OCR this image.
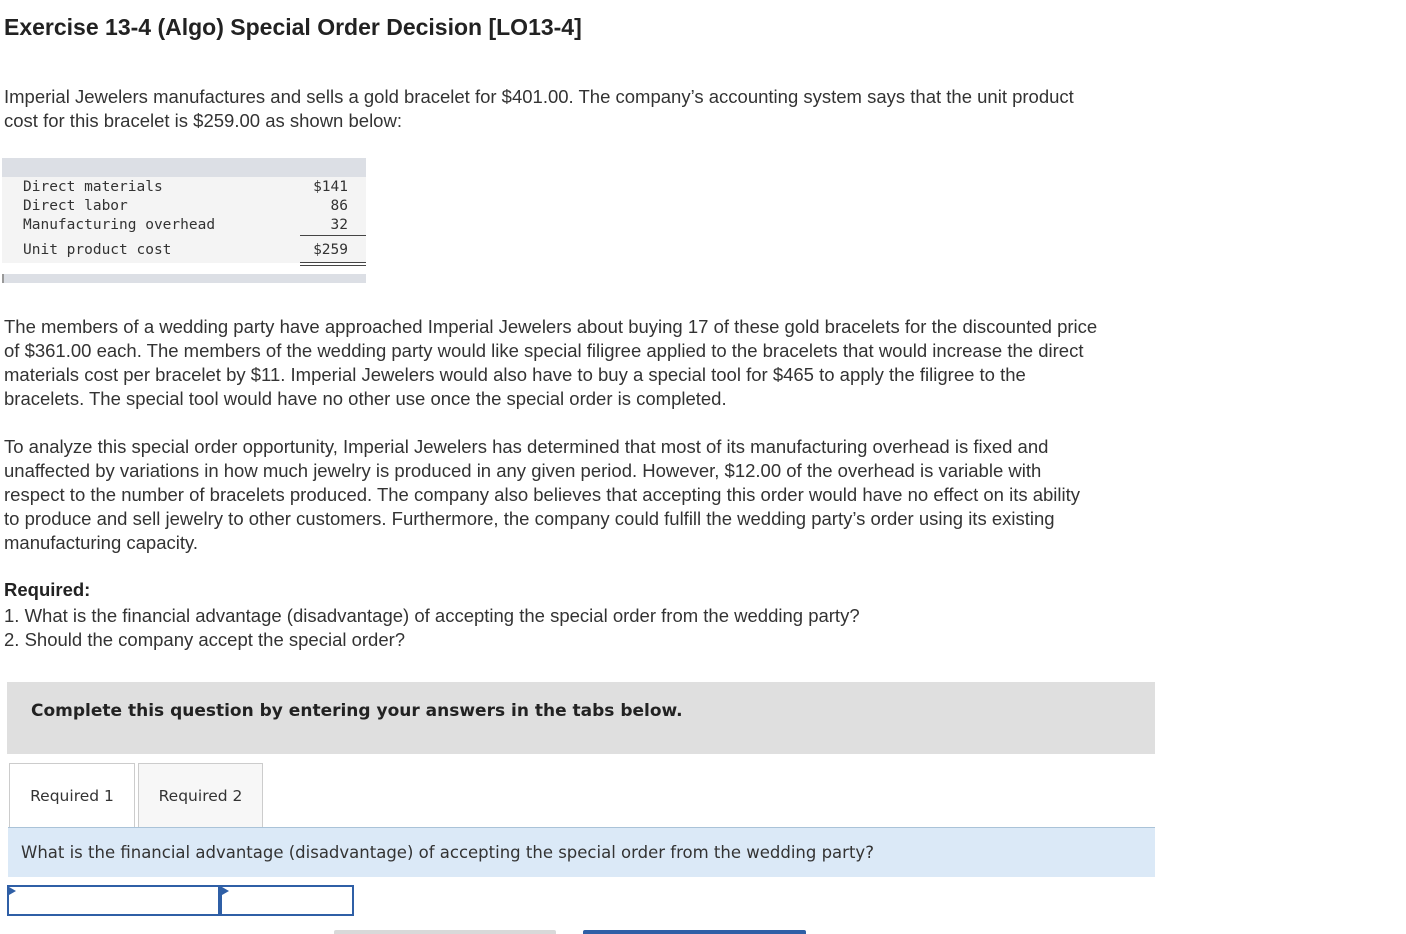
Exercise 13-4 (Algo) Special Order Decision [LO13-4]

Imperial Jewelers manufactures and sells a gold bracelet for $401.00. The company’s accounting system says that the unit product
cost for this bracelet is $259.00 as shown below:

Direct materials	$141
Direct labor	86
Manufacturing overhead	32
Unit product cost	$259

The members of a wedding party have approached Imperial Jewelers about buying 17 of these gold bracelets for the discounted price
of $361.00 each. The members of the wedding party would like special filigree applied to the bracelets that would increase the direct
materials cost per bracelet by $11. Imperial Jewelers would also have to buy a special tool for $465 to apply the filigree to the
bracelets. The special tool would have no other use once the special order is completed.

To analyze this special order opportunity, Imperial Jewelers has determined that most of its manufacturing overhead is fixed and
unaffected by variations in how much jewelry is produced in any given period. However, $12.00 of the overhead is variable with
respect to the number of bracelets produced. The company also believes that accepting this order would have no effect on its ability
to produce and sell jewelry to other customers. Furthermore, the company could fulfill the wedding party’s order using its existing
manufacturing capacity.

Required:

1. What is the financial advantage (disadvantage) of accepting the special order from the wedding party?
2. Should the company accept the special order?

Complete this question by entering your answers in the tabs below.
Required 1	Required 2
What is the financial advantage (disadvantage) of accepting the special order from the wedding party?
